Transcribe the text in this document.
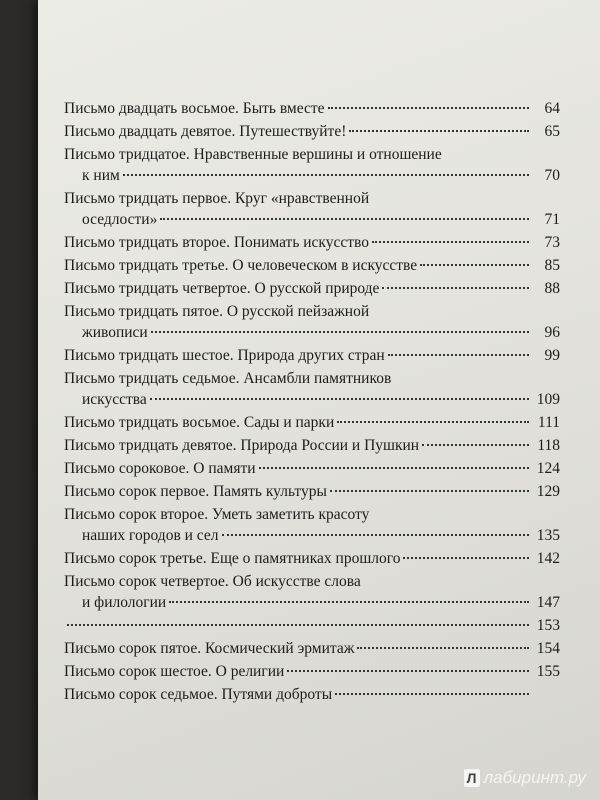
Письмо двадцать восьмое. Быть вместе	64
Письмо двадцать девятое. Путешествуйте!	65
Письмо тридцатое. Нравственные вершины и отношение
к ним	70
Письмо тридцать первое. Круг «нравственной
оседлости»	71
Письмо тридцать второе. Понимать искусство	73
Письмо тридцать третье. О человеческом в искусстве	85
Письмо тридцать четвертое. О русской природе	88
Письмо тридцать пятое. О русской пейзажной
живописи	96
Письмо тридцать шестое. Природа других стран	99
Письмо тридцать седьмое. Ансамбли памятников
искусства	109
Письмо тридцать восьмое. Сады и парки	111
Письмо тридцать девятое. Природа России и Пушкин	118
Письмо сороковое. О памяти	124
Письмо сорок первое. Память культуры	129
Письмо сорок второе. Уметь заметить красоту
наших городов и сел	135
Письмо сорок третье. Еще о памятниках прошлого	142
Письмо сорок четвертое. Об искусстве слова
и филологии	147
153
Письмо сорок пятое. Космический эрмитаж	154
Письмо сорок шестое. О религии	155
Письмо сорок седьмое. Путями доброты
Л лабиринт.ру
